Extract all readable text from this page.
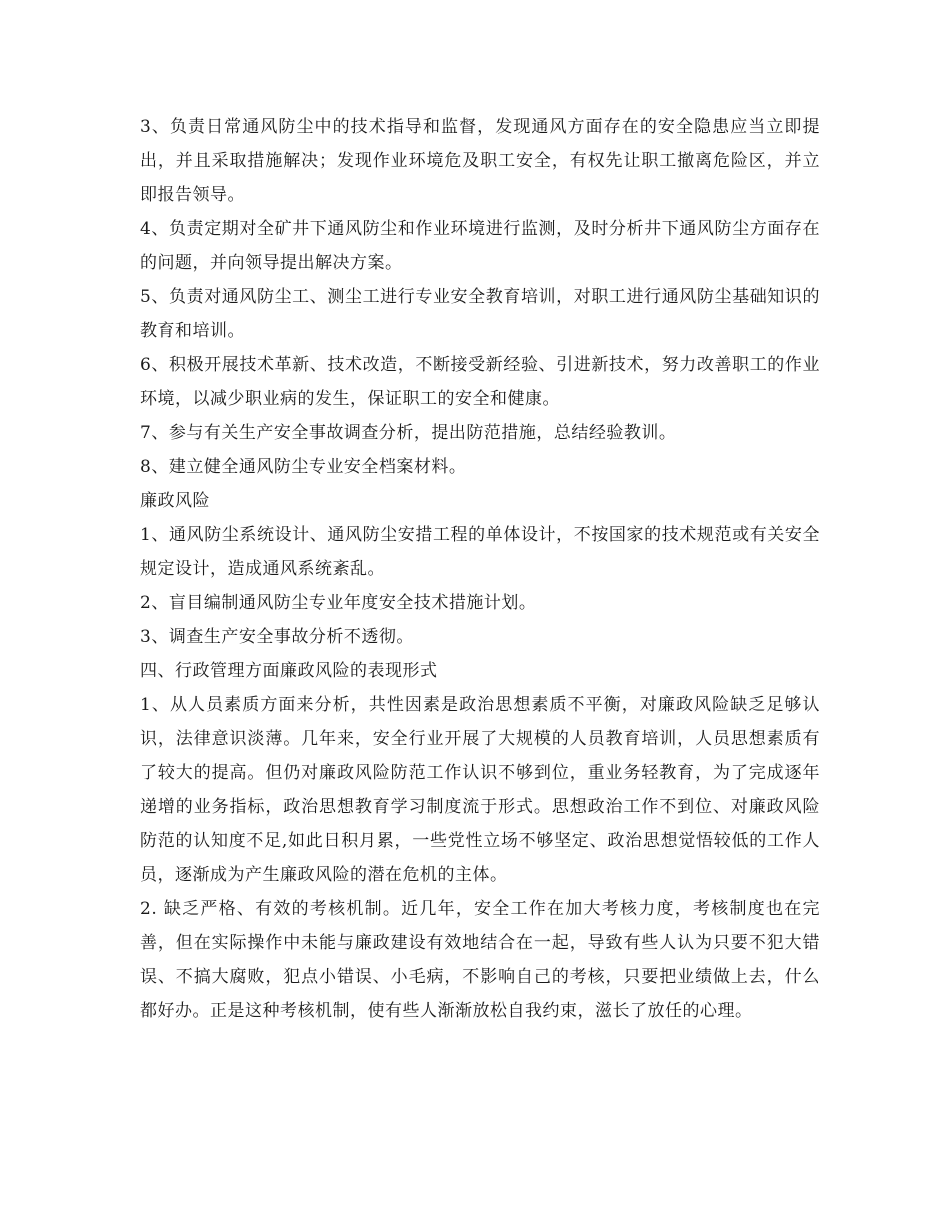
3、负责日常通风防尘中的技术指导和监督，发现通风方面存在的安全隐患应当立即提出，并且采取措施解决；发现作业环境危及职工安全，有权先让职工撤离危险区，并立即报告领导。

4、负责定期对全矿井下通风防尘和作业环境进行监测，及时分析井下通风防尘方面存在的问题，并向领导提出解决方案。

5、负责对通风防尘工、测尘工进行专业安全教育培训，对职工进行通风防尘基础知识的教育和培训。

6、积极开展技术革新、技术改造，不断接受新经验、引进新技术，努力改善职工的作业环境，以减少职业病的发生，保证职工的安全和健康。

7、参与有关生产安全事故调查分析，提出防范措施，总结经验教训。

8、建立健全通风防尘专业安全档案材料。

廉政风险

1、通风防尘系统设计、通风防尘安措工程的单体设计，不按国家的技术规范或有关安全规定设计，造成通风系统紊乱。

2、盲目编制通风防尘专业年度安全技术措施计划。

3、调查生产安全事故分析不透彻。

四、行政管理方面廉政风险的表现形式

1、从人员素质方面来分析，共性因素是政治思想素质不平衡，对廉政风险缺乏足够认识，法律意识淡薄。几年来，安全行业开展了大规模的人员教育培训，人员思想素质有了较大的提高。但仍对廉政风险防范工作认识不够到位，重业务轻教育，为了完成逐年递增的业务指标，政治思想教育学习制度流于形式。思想政治工作不到位、对廉政风险防范的认知度不足,如此日积月累，一些党性立场不够坚定、政治思想觉悟较低的工作人员，逐渐成为产生廉政风险的潜在危机的主体。

2. 缺乏严格、有效的考核机制。近几年，安全工作在加大考核力度，考核制度也在完善，但在实际操作中未能与廉政建设有效地结合在一起，导致有些人认为只要不犯大错误、不搞大腐败，犯点小错误、小毛病，不影响自己的考核，只要把业绩做上去，什么都好办。正是这种考核机制，使有些人渐渐放松自我约束，滋长了放任的心理。
